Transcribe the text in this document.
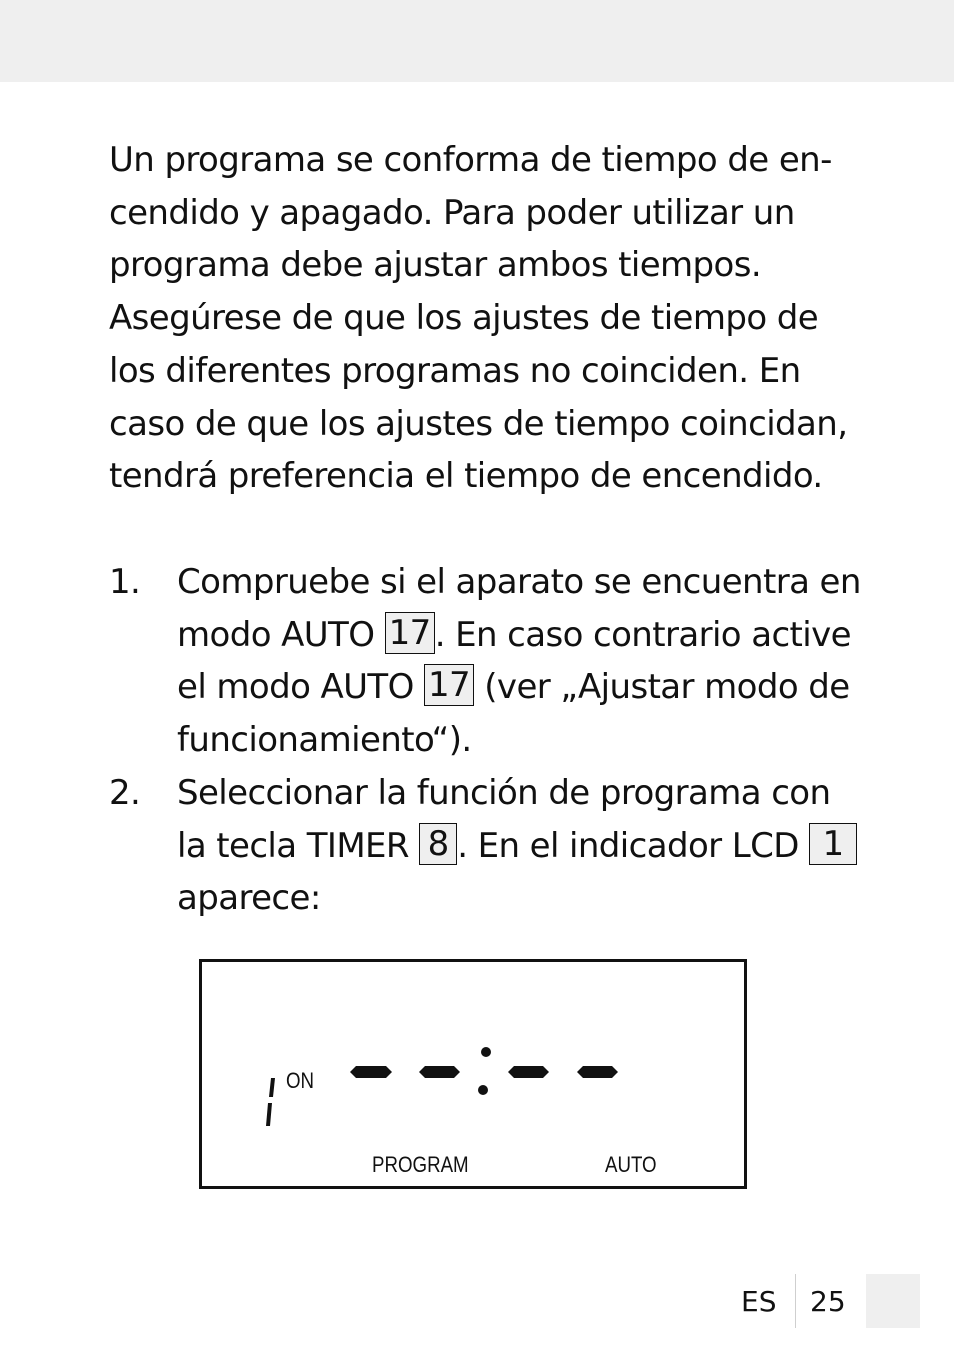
Un programa se conforma de tiempo de en-
cendido y apagado. Para poder utilizar un
programa debe ajustar ambos tiempos.
Asegúrese de que los ajustes de tiempo de
los diferentes programas no coinciden. En
caso de que los ajustes de tiempo coincidan,
tendrá preferencia el tiempo de encendido.
1. Compruebe si el aparato se encuentra en modo AUTO 17 . En caso contrario active el modo AUTO 17 (ver „Ajustar modo de funcionamiento“).
2. Seleccionar la función de programa con la tecla TIMER 8 . En el indicador LCD 1 aparece:
ON
PROGRAM	AUTO
ES 25
